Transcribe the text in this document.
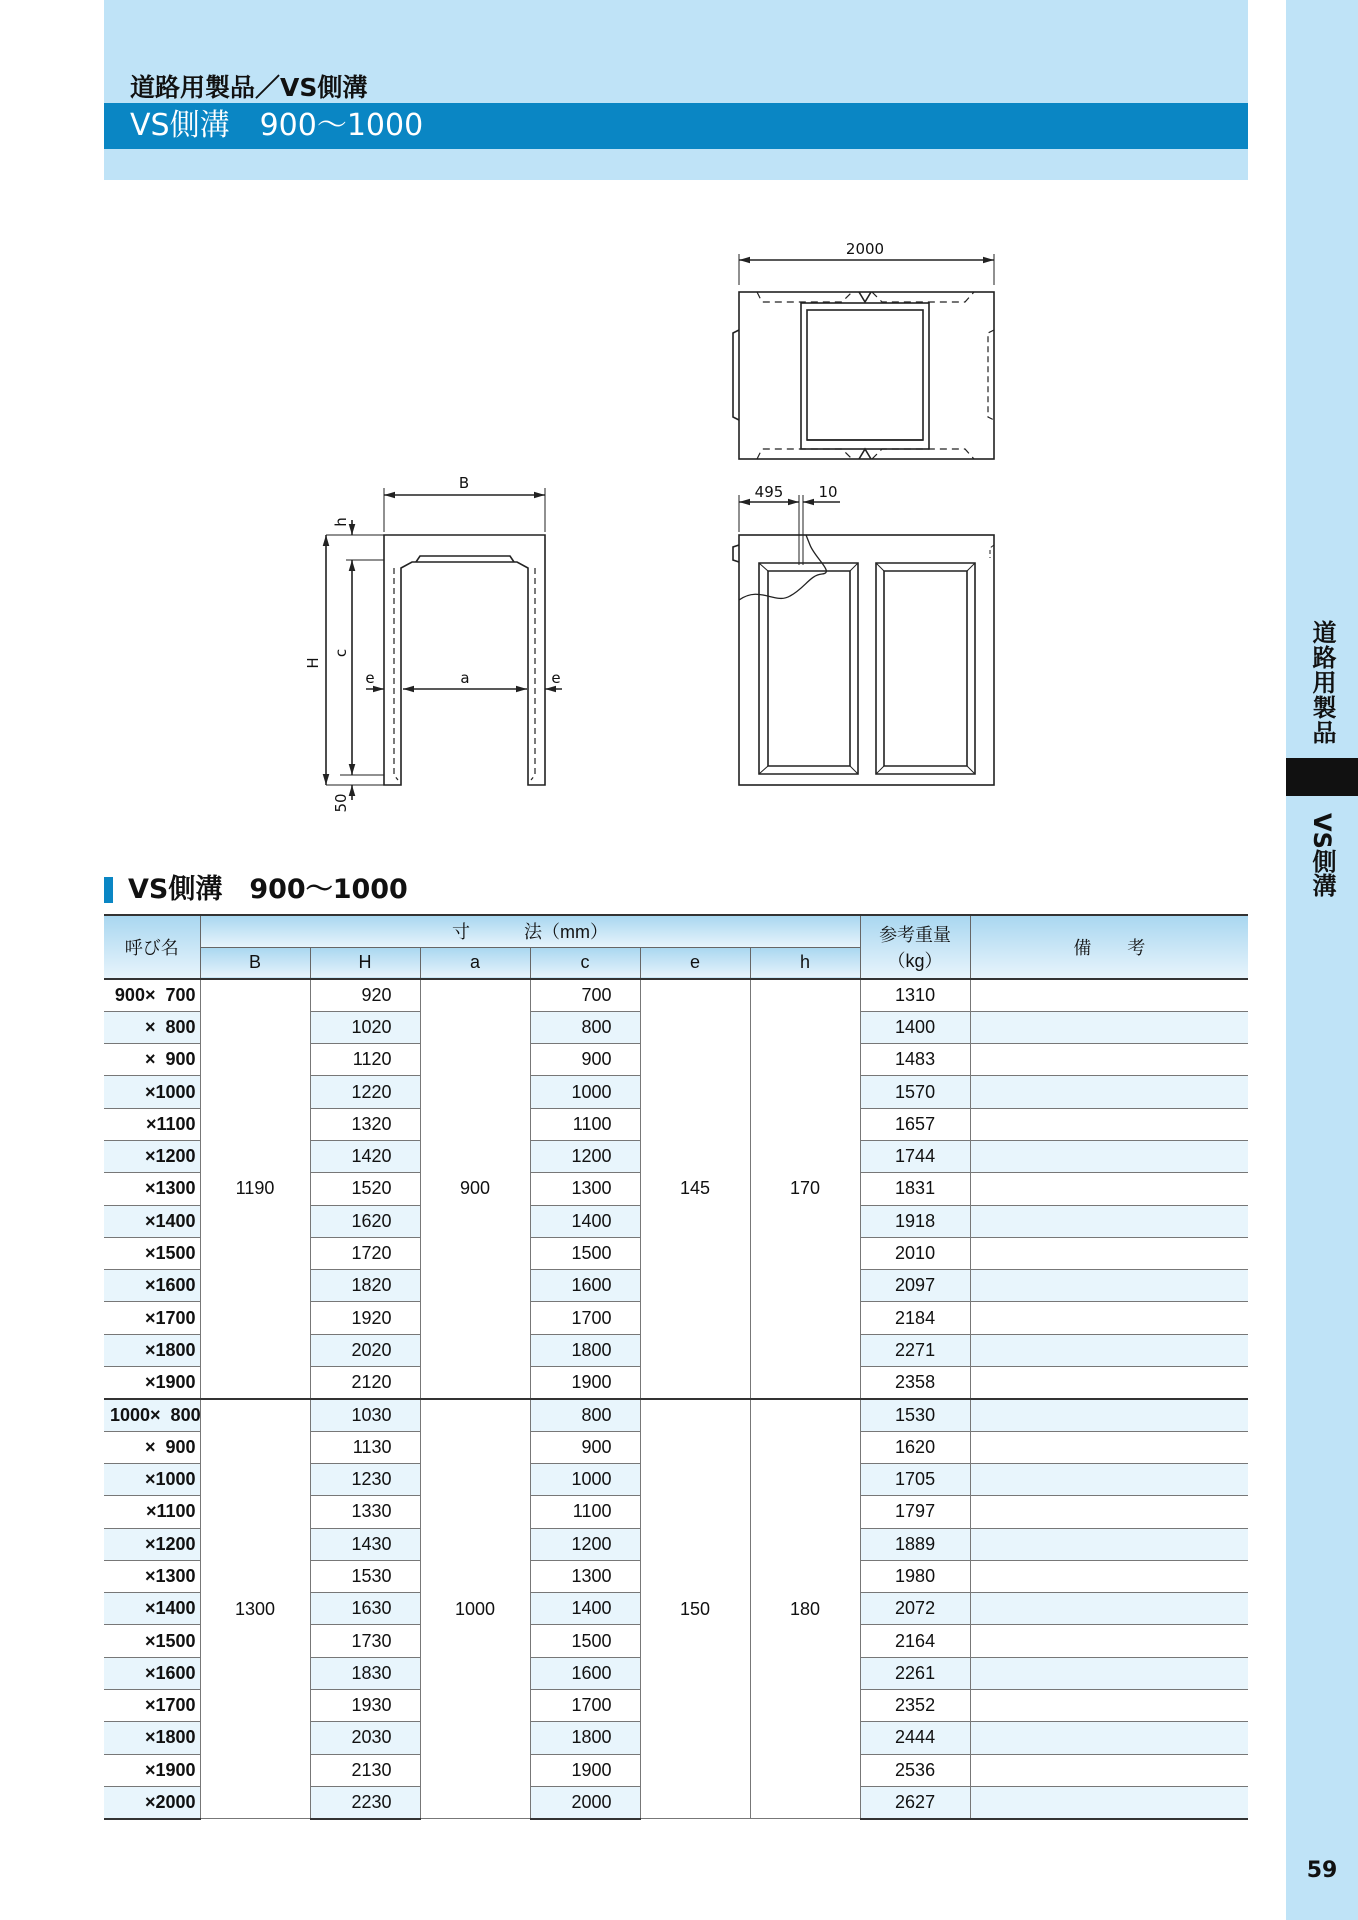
道路用製品／VS側溝
VS側溝　900〜1000
道路用製品
VS側溝
59
B
h
H
c
a
e	e
50
2000
495 10
VS側溝　900〜1000
呼び名	寸　　　法（mm）						参考重量
（kg）	備　　考
	B	H	a	c	e	h		
900×  700	1190	920	900	700	145	170	1310	
×  800		1020		800			1400	
×  900		1120		900			1483	
×1000		1220		1000			1570	
×1100		1320		1100			1657	
×1200		1420		1200			1744	
×1300		1520		1300			1831	
×1400		1620		1400			1918	
×1500		1720		1500			2010	
×1600		1820		1600			2097	
×1700		1920		1700			2184	
×1800		2020		1800			2271	
×1900		2120		1900			2358	
1000×  800	1300	1030	1000	800	150	180	1530	
×  900		1130		900			1620	
×1000		1230		1000			1705	
×1100		1330		1100			1797	
×1200		1430		1200			1889	
×1300		1530		1300			1980	
×1400		1630		1400			2072	
×1500		1730		1500			2164	
×1600		1830		1600			2261	
×1700		1930		1700			2352	
×1800		2030		1800			2444	
×1900		2130		1900			2536	
×2000		2230		2000			2627	
